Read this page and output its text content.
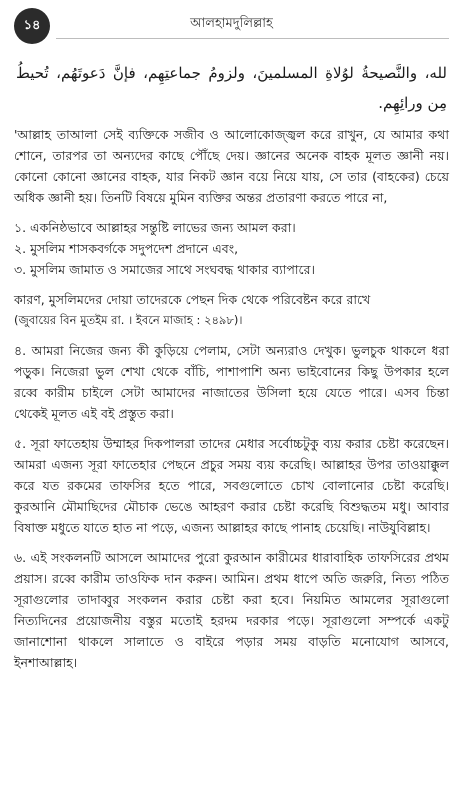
১৪	আলহামদুলিল্লাহ
لله، والنَّصيحةُ لوُلاةِ المسلمينَ، ولزومُ جماعتِهِم، فإنَّ دَعوتَهُم، تُحيطُ مِن ورائِهِم.

'আল্লাহ তাআলা সেই ব্যক্তিকে সজীব ও আলোকোজ্জ্বল করে রাখুন, যে আমার কথা শোনে, তারপর তা অন্যদের কাছে পৌঁছে দেয়। জ্ঞানের অনেক বাহক মূলত জ্ঞানী নয়। কোনো কোনো জ্ঞানের বাহক, যার নিকট জ্ঞান বয়ে নিয়ে যায়, সে তার (বাহকের) চেয়ে অধিক জ্ঞানী হয়। তিনটি বিষয়ে মুমিন ব্যক্তির অন্তর প্রতারণা করতে পারে না,

১. একনিষ্ঠভাবে আল্লাহর সন্তুষ্টি লাভের জন্য আমল করা।
২. মুসলিম শাসকবর্গকে সদুপদেশ প্রদানে এবং,
৩. মুসলিম জামাত ও সমাজের সাথে সংঘবদ্ধ থাকার ব্যাপারে।

কারণ, মুসলিমদের দোয়া তাদেরকে পেছন দিক থেকে পরিবেষ্টন করে রাখে

(জুবায়ের বিন মুতইম রা. । ইবনে মাজাহ : ২৪৯৮)।

৪. আমরা নিজের জন্য কী কুড়িয়ে পেলাম, সেটা অন্যরাও দেখুক। ভুলচুক থাকলে ধরা পড়ুক। নিজেরা ভুল শেখা থেকে বাঁচি, পাশাপাশি অন্য ভাইবোনের কিছু উপকার হলে রব্বে কারীম চাইলে সেটা আমাদের নাজাতের উসিলা হয়ে যেতে পারে। এসব চিন্তা থেকেই মূলত এই বই প্রস্তুত করা।

৫. সূরা ফাতেহায় উম্মাহর দিকপালরা তাদের মেধার সর্বোচ্চটুকু ব্যয় করার চেষ্টা করেছেন। আমরা এজন্য সূরা ফাতেহার পেছনে প্রচুর সময় ব্যয় করেছি। আল্লাহর উপর তাওয়াক্কুল করে যত রকমের তাফসির হতে পারে, সবগুলোতে চোখ বোলানোর চেষ্টা করেছি। কুরআনি মৌমাছিদের মৌচাক ভেঙে আহরণ করার চেষ্টা করেছি বিশুদ্ধতম মধু। আবার বিষাক্ত মধুতে যাতে হাত না পড়ে, এজন্য আল্লাহর কাছে পানাহ চেয়েছি। নাউযুবিল্লাহ।

৬. এই সংকলনটি আসলে আমাদের পুরো কুরআন কারীমের ধারাবাহিক তাফসিরের প্রথম প্রয়াস। রব্বে কারীম তাওফিক দান করুন। আমিন। প্রথম ধাপে অতি জরুরি, নিত্য পঠিত সূরাগুলোর তাদাব্বুর সংকলন করার চেষ্টা করা হবে। নিয়মিত আমলের সূরাগুলো নিত্যদিনের প্রয়োজনীয় বস্তুর মতোই হরদম দরকার পড়ে। সূরাগুলো সম্পর্কে একটু জানাশোনা থাকলে সালাতে ও বাইরে পড়ার সময় বাড়তি মনোযোগ আসবে, ইনশাআল্লাহ।
